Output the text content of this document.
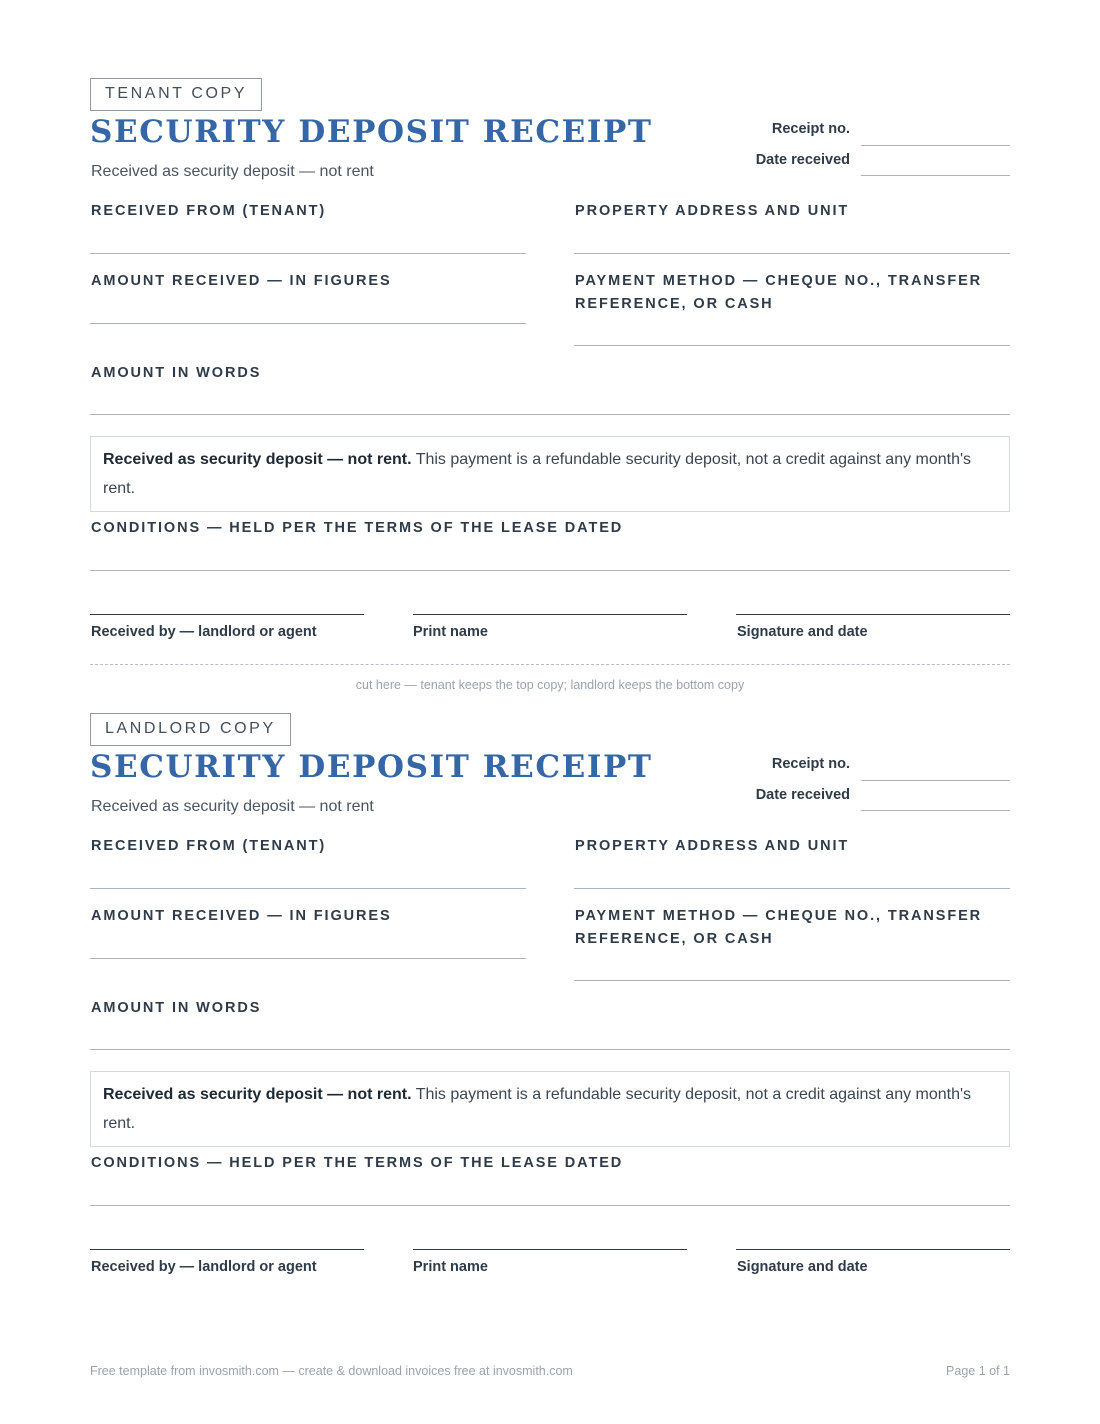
TENANT COPY
SECURITY DEPOSIT RECEIPT
Received as security deposit — not rent
Receipt no.
Date received
RECEIVED FROM (TENANT)	PROPERTY ADDRESS AND UNIT
AMOUNT RECEIVED — IN FIGURES	PAYMENT METHOD — CHEQUE NO., TRANSFER REFERENCE, OR CASH
AMOUNT IN WORDS
Received as security deposit — not rent. This payment is a refundable security deposit, not a credit against any month's rent.
CONDITIONS — HELD PER THE TERMS OF THE LEASE DATED
Received by — landlord or agent	Print name	Signature and date
cut here — tenant keeps the top copy; landlord keeps the bottom copy
LANDLORD COPY
SECURITY DEPOSIT RECEIPT
Received as security deposit — not rent
Receipt no.
Date received
RECEIVED FROM (TENANT)	PROPERTY ADDRESS AND UNIT
AMOUNT RECEIVED — IN FIGURES	PAYMENT METHOD — CHEQUE NO., TRANSFER REFERENCE, OR CASH
AMOUNT IN WORDS
Received as security deposit — not rent. This payment is a refundable security deposit, not a credit against any month's rent.
CONDITIONS — HELD PER THE TERMS OF THE LEASE DATED
Received by — landlord or agent	Print name	Signature and date
Free template from invosmith.com — create & download invoices free at invosmith.com	Page 1 of 1
